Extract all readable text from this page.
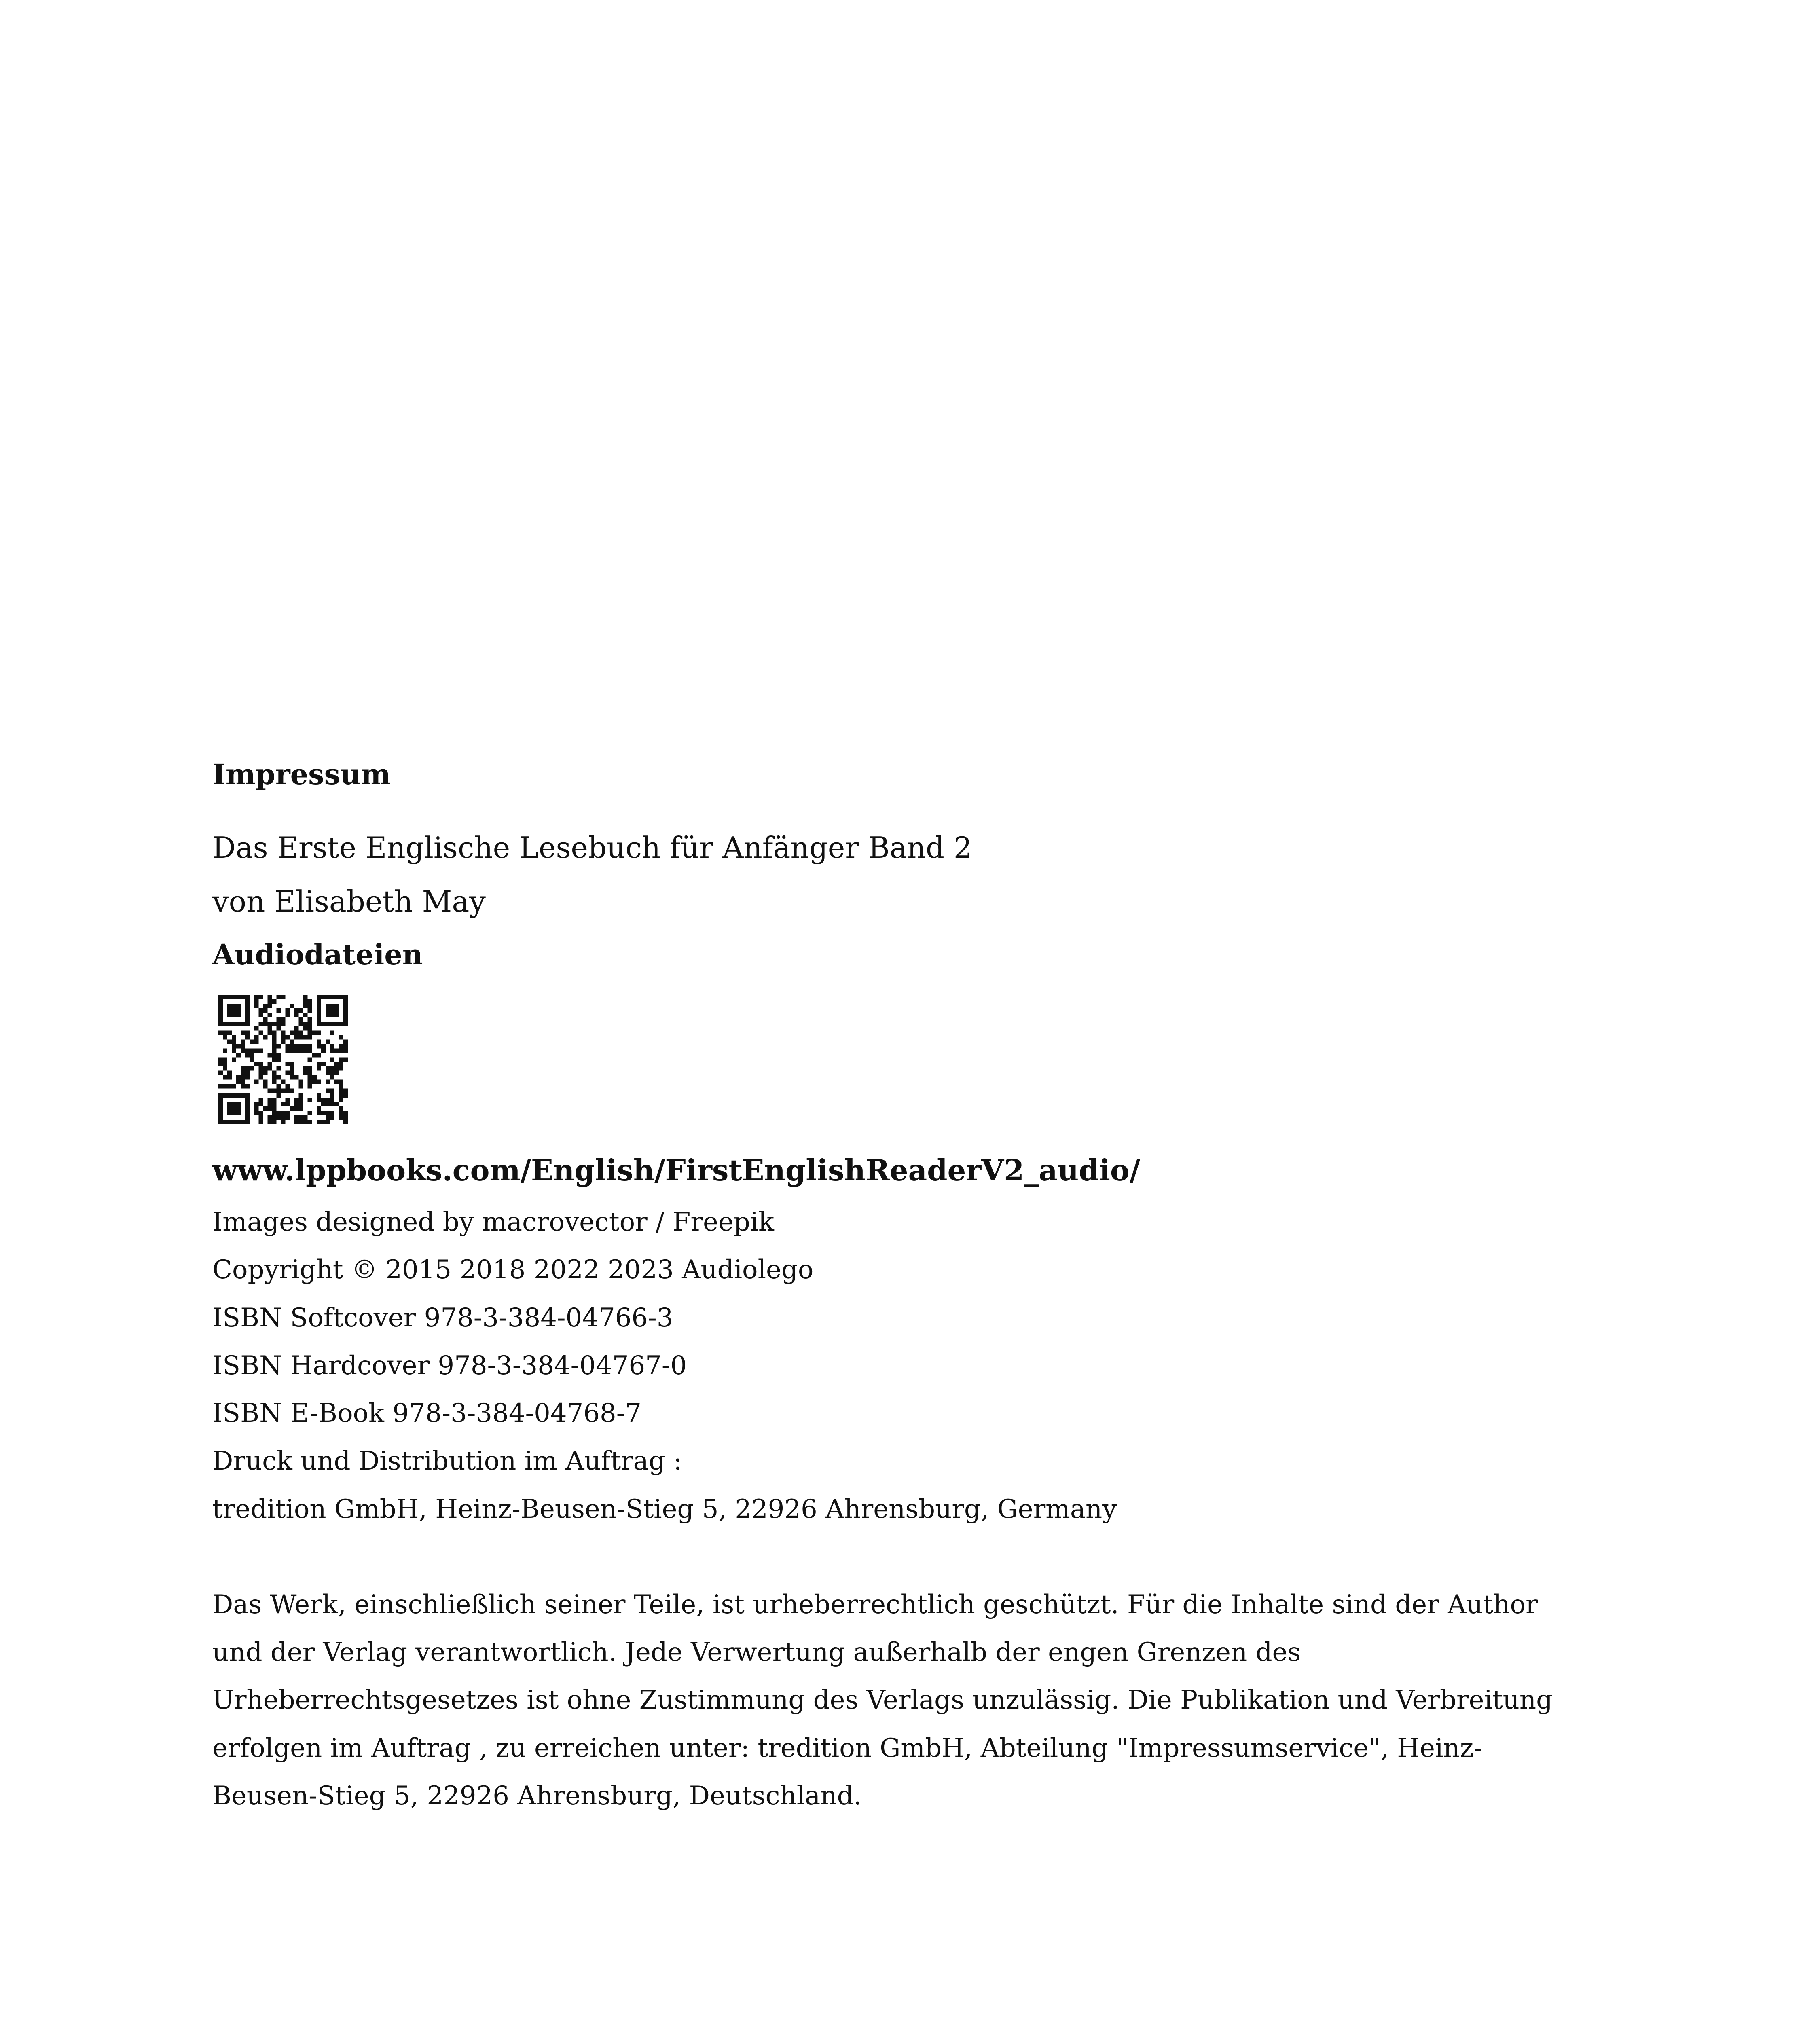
Impressum
Das Erste Englische Lesebuch für Anfänger Band 2
von Elisabeth May
Audiodateien
www.lppbooks.com/English/FirstEnglishReaderV2_audio/
Images designed by macrovector / Freepik
Copyright © 2015 2018 2022 2023 Audiolego
ISBN Softcover 978-3-384-04766-3
ISBN Hardcover 978-3-384-04767-0
ISBN E-Book 978-3-384-04768-7
Druck und Distribution im Auftrag :
tredition GmbH, Heinz-Beusen-Stieg 5, 22926 Ahrensburg, Germany
Das Werk, einschließlich seiner Teile, ist urheberrechtlich geschützt. Für die Inhalte sind der Author
und der Verlag verantwortlich. Jede Verwertung außerhalb der engen Grenzen des
Urheberrechtsgesetzes ist ohne Zustimmung des Verlags unzulässig. Die Publikation und Verbreitung
erfolgen im Auftrag , zu erreichen unter: tredition GmbH, Abteilung "Impressumservice", Heinz-
Beusen-Stieg 5, 22926 Ahrensburg, Deutschland.
